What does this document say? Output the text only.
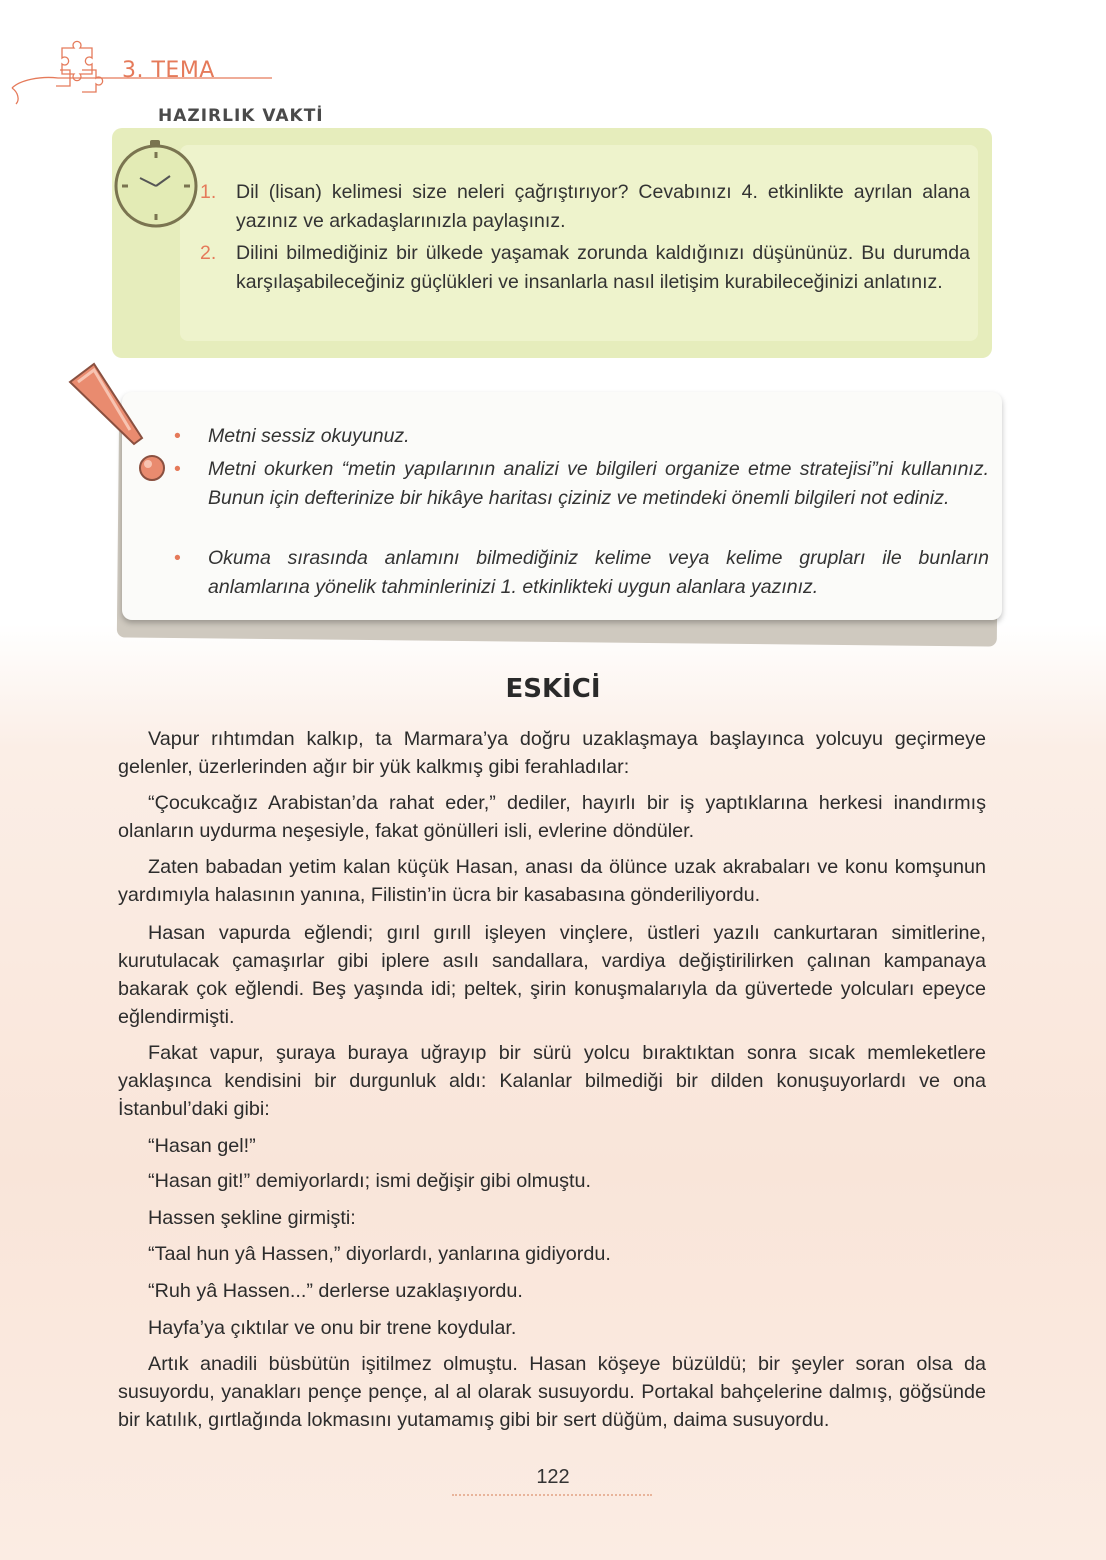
3. TEMA
HAZIRLIK VAKTİ
1.	Dil (lisan) kelimesi size neleri çağrıştırıyor? Cevabınızı 4. etkinlikte ayrılan alana yazınız ve arkadaşlarınızla paylaşınız.
2.	Dilini bilmediğiniz bir ülkede yaşamak zorunda kaldığınızı düşününüz. Bu durumda karşılaşabileceğiniz güçlükleri ve insanlarla nasıl iletişim kurabileceğinizi anlatınız.
•	Metni sessiz okuyunuz.
•	Metni okurken “metin yapılarının analizi ve bilgileri organize etme stratejisi”ni kullanınız. Bunun için defterinize bir hikâye haritası çiziniz ve metindeki önemli bilgileri not ediniz.
•	Okuma sırasında anlamını bilmediğiniz kelime veya kelime grupları ile bunların anlamlarına yönelik tahminlerinizi 1. etkinlikteki uygun alanlara yazınız.
ESKİCİ

Vapur rıhtımdan kalkıp, ta Marmara’ya doğru uzaklaşmaya başlayınca yolcuyu geçirmeye gelenler, üzerlerinden ağır bir yük kalkmış gibi ferahladılar:

“Çocukcağız Arabistan’da rahat eder,” dediler, hayırlı bir iş yaptıklarına herkesi inandırmış olanların uydurma neşesiyle, fakat gönülleri isli, evlerine döndüler.

Zaten babadan yetim kalan küçük Hasan, anası da ölünce uzak akrabaları ve konu komşunun yardımıyla halasının yanına, Filistin’in ücra bir kasabasına gönderiliyordu.

Hasan vapurda eğlendi; gırıl gırıll işleyen vinçlere, üstleri yazılı cankurtaran simitlerine, kurutulacak çamaşırlar gibi iplere asılı sandallara, vardiya değiştirilirken çalınan kampanaya bakarak çok eğlendi. Beş yaşında idi; peltek, şirin konuşmalarıyla da güvertede yolcuları epeyce eğlendirmişti.

Fakat vapur, şuraya buraya uğrayıp bir sürü yolcu bıraktıktan sonra sıcak memleketlere yaklaşınca kendisini bir durgunluk aldı: Kalanlar bilmediği bir dilden konuşuyorlardı ve ona İstanbul’daki gibi:

“Hasan gel!”

“Hasan git!” demiyorlardı; ismi değişir gibi olmuştu.

Hassen şekline girmişti:

“Taal hun yâ Hassen,” diyorlardı, yanlarına gidiyordu.

“Ruh yâ Hassen...” derlerse uzaklaşıyordu.

Hayfa’ya çıktılar ve onu bir trene koydular.

Artık anadili büsbütün işitilmez olmuştu. Hasan köşeye büzüldü; bir şeyler soran olsa da susuyordu, yanakları pençe pençe, al al olarak susuyordu. Portakal bahçelerine dalmış, göğsünde bir katılık, gırtlağında lokmasını yutamamış gibi bir sert düğüm, daima susuyordu.

122
